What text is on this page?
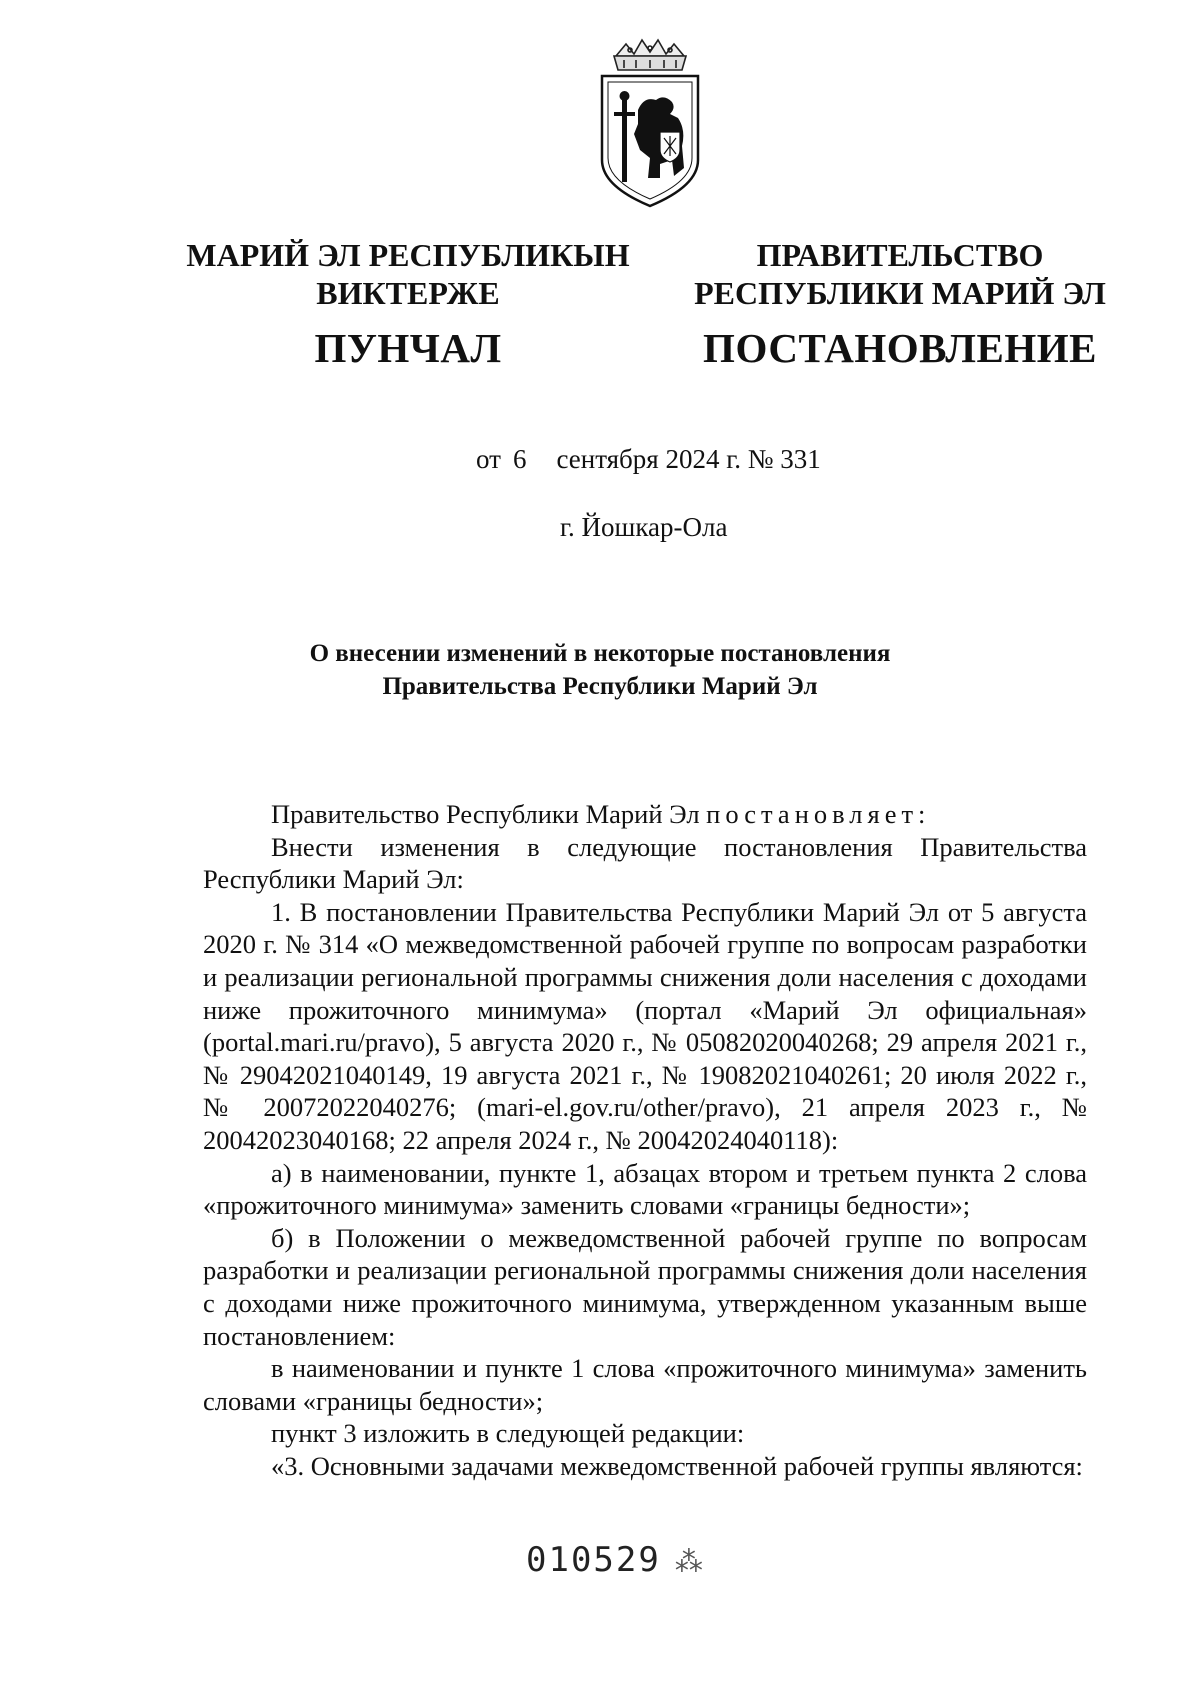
МАРИЙ ЭЛ РЕСПУБЛИКЫН
ВИКТЕРЖЕ
ПУНЧАЛ
ПРАВИТЕЛЬСТВО
РЕСПУБЛИКИ МАРИЙ ЭЛ
ПОСТАНОВЛЕНИЕ
от 6 сентября 2024 г. № 331
г. Йошкар-Ола
О внесении изменений в некоторые постановления
Правительства Республики Марий Эл

Правительство Республики Марий Эл постановляет:

Внести изменения в следующие постановления Правительства Республики Марий Эл:

1. В постановлении Правительства Республики Марий Эл от 5 августа 2020 г. № 314 «О межведомственной рабочей группе по вопросам разработки и реализации региональной программы снижения доли населения с доходами ниже прожиточного минимума» (портал «Марий Эл официальная» (portal.mari.ru/pravo), 5 августа 2020 г., № 05082020040268; 29 апреля 2021 г., № 29042021040149, 19 августа 2021 г., № 19082021040261; 20 июля 2022 г., № 20072022040276; (mari-el.gov.ru/other/pravo), 21 апреля 2023 г., № 20042023040168; 22 апреля 2024 г., № 20042024040118):

а) в наименовании, пункте 1, абзацах втором и третьем пункта 2 слова «прожиточного минимума» заменить словами «границы бедности»;

б) в Положении о межведомственной рабочей группе по вопросам разработки и реализации региональной программы снижения доли населения с доходами ниже прожиточного минимума, утвержденном указанным выше постановлением:

в наименовании и пункте 1 слова «прожиточного минимума» заменить словами «границы бедности»;

пункт 3 изложить в следующей редакции:

«3. Основными задачами межведомственной рабочей группы являются:

010529 ⁂
